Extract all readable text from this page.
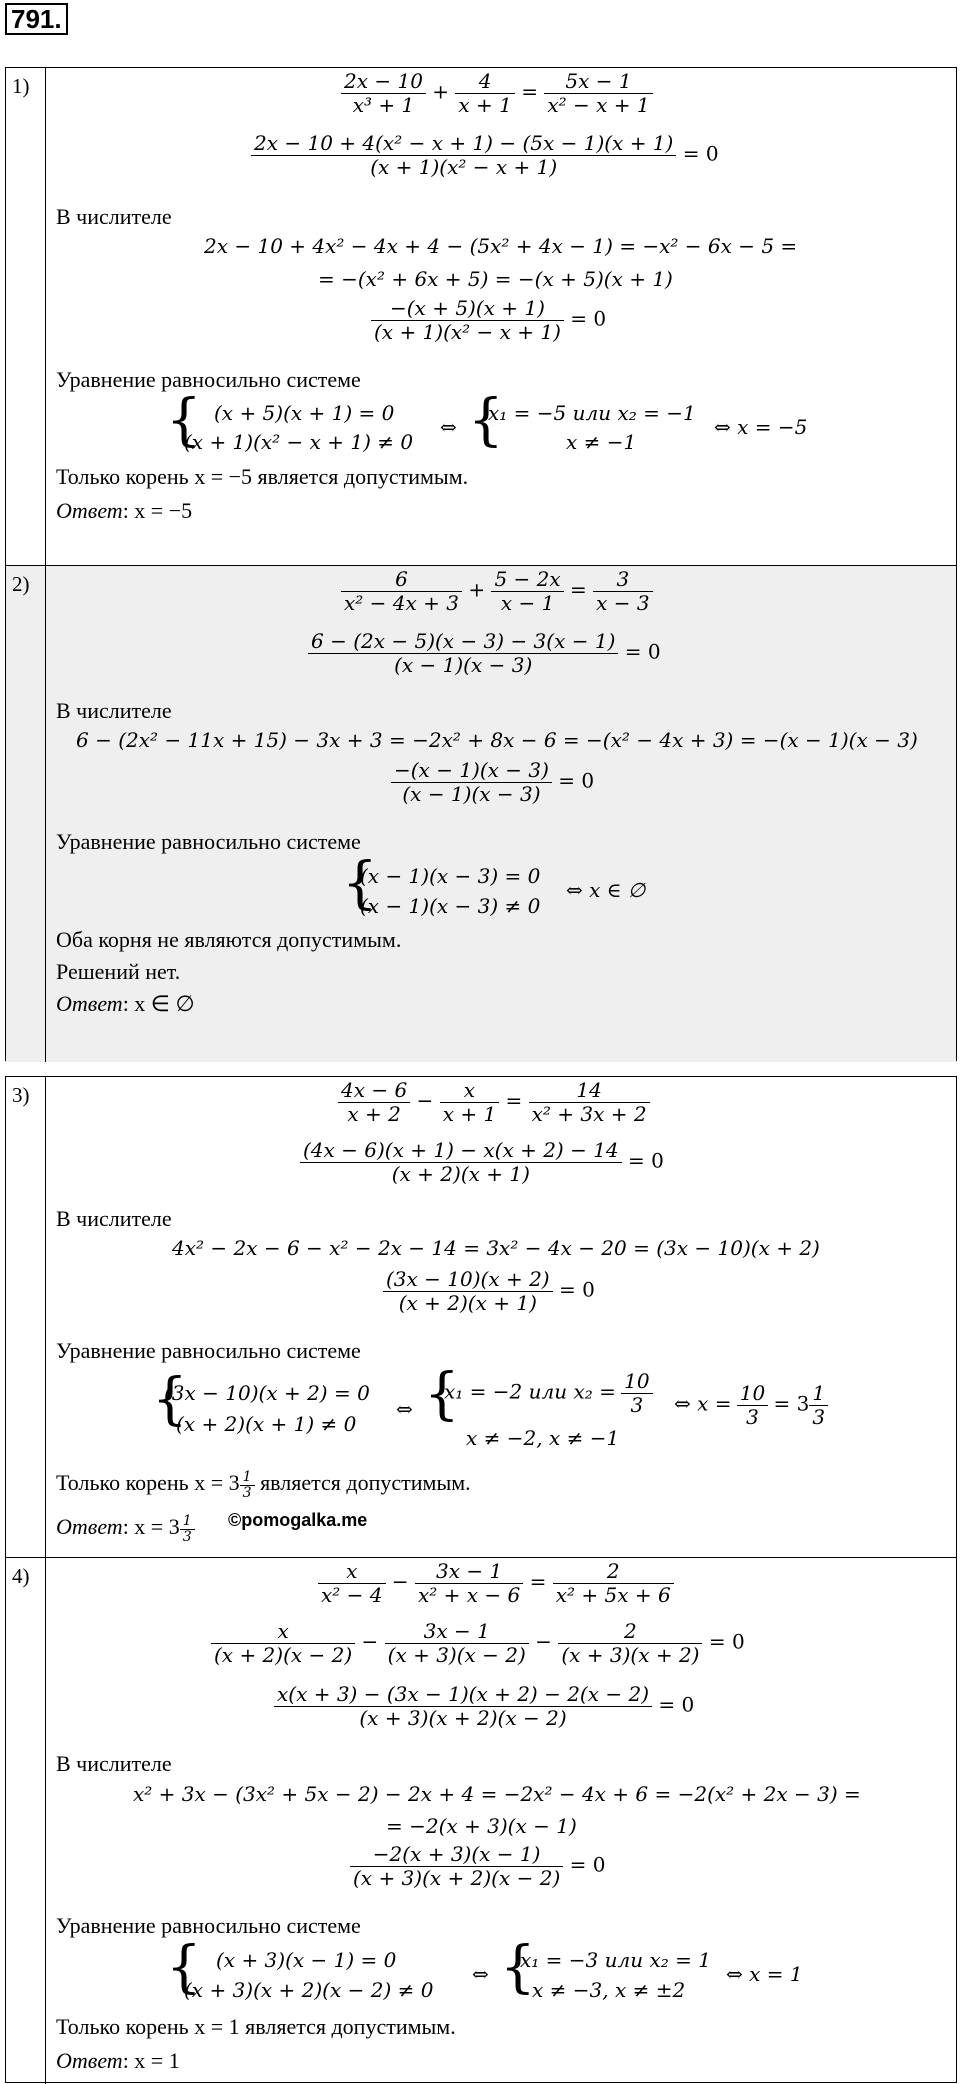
791.
1)	$\frac{2x - 10}{\text{x³ + 1}} + \frac{4}{x + 1} = \frac{5x - 1}{\text{x² − x + 1}}$
$\frac{\text{2x − 10 + 4(x² − x + 1) − (5x − 1)(x + 1)}}{\text{(x + 1)(x² − x + 1)}} = 0$
В числителе
2x − 10 + 4x² − 4x + 4 − (5x² + 4x − 1) = −x² − 6x − 5 =
= −(x² + 6x + 5) = −(x + 5)(x + 1)
$\frac{-(x + 5)(x + 1)}{\text{(x + 1)(x² − x + 1)}} = 0$
Уравнение равносильно системе
{ (x + 5)(x + 1) = 0
(x + 1)(x² − x + 1) ≠ 0
⇔ {
x₁ = −5 или x₂ = −1
x ≠ −1
⇔ x = −5
Только корень x = −5 является допустимым.
Ответ: x = −5
2)	$\frac{6}{\text{x² − 4x + 3}} + \frac{5 - 2x}{x - 1} = \frac{3}{x - 3}$
$\frac{6 - (2x - 5)(x - 3) - 3(x - 1)}{(x - 1)(x - 3)} = 0$
В числителе
6 − (2x² − 11x + 15) − 3x + 3 = −2x² + 8x − 6 = −(x² − 4x + 3) = −(x − 1)(x − 3)
$\frac{-(x - 1)(x - 3)}{(x - 1)(x - 3)} = 0$
Уравнение равносильно системе
{
(x − 1)(x − 3) = 0
(x − 1)(x − 3) ≠ 0
⇔ x ∈ ∅
Оба корня не являются допустимым.
Решений нет.
Ответ: x ∈ ∅
3)	$\frac{4x - 6}{x + 2} - \frac{x}{x + 1} = \frac{14}{\text{x² + 3x + 2}}$
$\frac{(4x - 6)(x + 1) - x(x + 2) - 14}{(x + 2)(x + 1)} = 0$
В числителе
4x² − 2x − 6 − x² − 2x − 14 = 3x² − 4x − 20 = (3x − 10)(x + 2)
$\frac{(3x - 10)(x + 2)}{(x + 2)(x + 1)} = 0$
Уравнение равносильно системе
{
(3x − 10)(x + 2) = 0
(x + 2)(x + 1) ≠ 0
⇔ {
x₁ = −2 или $x_2 = \frac{10}{3}$
x ≠ −2, x ≠ −1
⇔ $x = \frac{10}{3} = 3 \frac{1}{3}$
Только корень $x = 3 \frac{1}{3}$ является допустимым.
Ответ: $x = 3 \frac{1}{3}$ ©pomogalka.me
4)	$\frac{x}{\text{x² − 4}} - \frac{3x - 1}{\text{x² + x − 6}} = \frac{2}{\text{x² + 5x + 6}}$
$\frac{x}{(x + 2)(x - 2)} - \frac{3x - 1}{(x + 3)(x - 2)} - \frac{2}{(x + 3)(x + 2)} = 0$
$\frac{x(x + 3) - (3x - 1)(x + 2) - 2(x - 2)}{(x + 3)(x + 2)(x - 2)} = 0$
В числителе
x² + 3x − (3x² + 5x − 2) − 2x + 4 = −2x² − 4x + 6 = −2(x² + 2x − 3) =
= −2(x + 3)(x − 1)
$\frac{-2(x + 3)(x - 1)}{(x + 3)(x + 2)(x - 2)} = 0$
Уравнение равносильно системе
{ (x + 3)(x − 1) = 0
(x + 3)(x + 2)(x − 2) ≠ 0
⇔ {
x₁ = −3 или x₂ = 1
x ≠ −3, x ≠ ±2
⇔ x = 1
Только корень x = 1 является допустимым.
Ответ: x = 1
